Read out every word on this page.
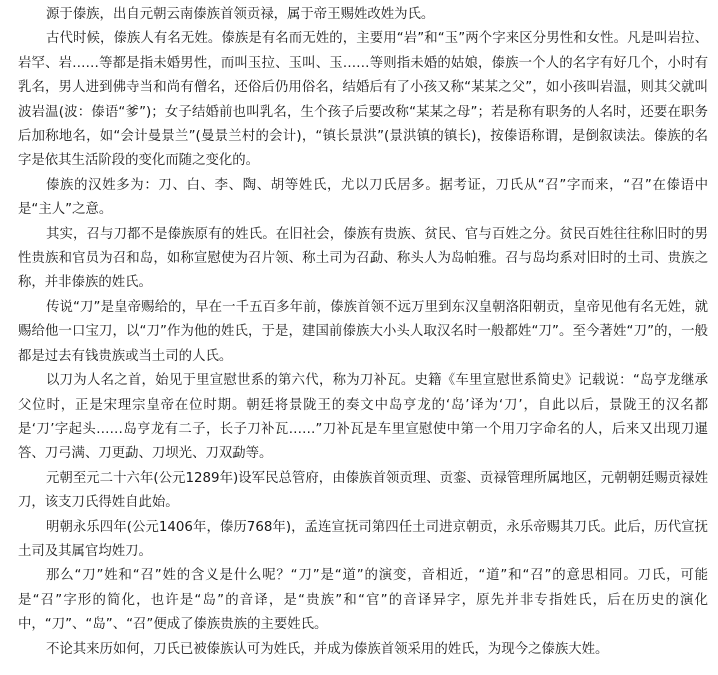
源于傣族，出自元朝云南傣族首领贡禄，属于帝王赐姓改姓为氏。

古代时候，傣族人有名无姓。傣族是有名而无姓的，主要用“岩”和“玉”两个字来区分男性和女性。凡是叫岩拉、岩罕、岩……等都是指未婚男性，而叫玉拉、玉叫、玉……等则指未婚的姑娘，傣族一个人的名字有好几个，小时有乳名，男人进到佛寺当和尚有僧名，还俗后仍用俗名，结婚后有了小孩又称“某某之父”，如小孩叫岩温，则其父就叫波岩温(波：傣语“爹”)；女子结婚前也叫乳名，生个孩子后要改称“某某之母”；若是称有职务的人名时，还要在职务后加称地名，如“会计曼景兰”(曼景兰村的会计)，“镇长景洪”(景洪镇的镇长)，按傣语称谓，是倒叙读法。傣族的名字是依其生活阶段的变化而随之变化的。

傣族的汉姓多为：刀、白、李、陶、胡等姓氏，尤以刀氏居多。据考证，刀氏从“召”字而来，“召”在傣语中是“主人”之意。

其实，召与刀都不是傣族原有的姓氏。在旧社会，傣族有贵族、贫民、官与百姓之分。贫民百姓往往称旧时的男性贵族和官员为召和岛，如称宣慰使为召片领、称土司为召勐、称头人为岛帕雅。召与岛均系对旧时的土司、贵族之称，并非傣族的姓氏。

传说“刀”是皇帝赐给的，早在一千五百多年前，傣族首领不远万里到东汉皇朝洛阳朝贡，皇帝见他有名无姓，就赐给他一口宝刀，以“刀”作为他的姓氏，于是，建国前傣族大小头人取汉名时一般都姓“刀”。至今著姓“刀”的，一般都是过去有钱贵族或当土司的人氏。

以刀为人名之首，始见于里宣慰世系的第六代，称为刀补瓦。史籍《车里宣慰世系简史》记载说：“岛亨龙继承父位时，正是宋理宗皇帝在位时期。朝廷将景陇王的奏文中岛亨龙的‘岛’译为‘刀’，自此以后，景陇王的汉名都是‘刀’字起头……岛亨龙有二子，长子刀补瓦……”刀补瓦是车里宣慰使中第一个用刀字命名的人，后来又出现刀暹答、刀弓满、刀更勐、刀坝光、刀双勐等。

元朝至元二十六年(公元1289年)设军民总管府，由傣族首领贡理、贡銮、贡禄管理所属地区，元朝朝廷赐贡禄姓刀，该支刀氏得姓自此始。

明朝永乐四年(公元1406年，傣历768年)，孟连宣抚司第四任土司进京朝贡，永乐帝赐其刀氏。此后，历代宣抚土司及其属官均姓刀。

那么“刀”姓和“召”姓的含义是什么呢？“刀”是“道”的演变，音相近，“道”和“召”的意思相同。刀氏，可能是“召”字形的简化，也许是“岛”的音译，是“贵族”和“官”的音译异字，原先并非专指姓氏，后在历史的演化中，“刀”、“岛”、“召”便成了傣族贵族的主要姓氏。

不论其来历如何，刀氏已被傣族认可为姓氏，并成为傣族首领采用的姓氏，为现今之傣族大姓。
